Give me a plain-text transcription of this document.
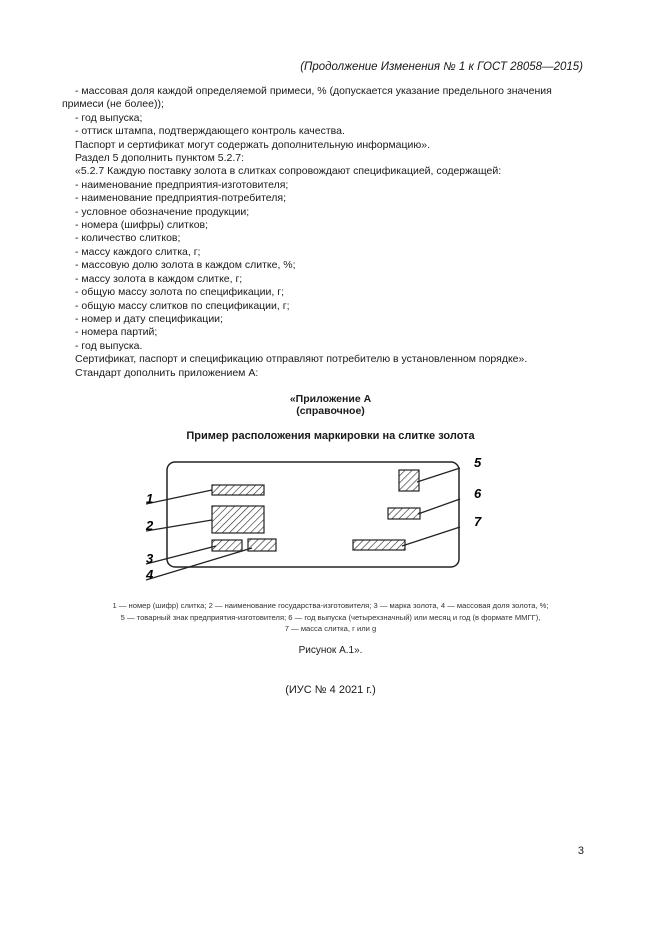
(Продолжение Изменения № 1 к ГОСТ 28058—2015)

- массовая доля каждой определяемой примеси, % (допускается указание предельного значения

примеси (не более));

- год выпуска;

- оттиск штампа, подтверждающего контроль качества.

Паспорт и сертификат могут содержать дополнительную информацию».

Раздел 5 дополнить пунктом 5.2.7:

«5.2.7 Каждую поставку золота в слитках сопровождают спецификацией, содержащей:

- наименование предприятия-изготовителя;

- наименование предприятия-потребителя;

- условное обозначение продукции;

- номера (шифры) слитков;

- количество слитков;

- массу каждого слитка, г;

- массовую долю золота в каждом слитке, %;

- массу золота в каждом слитке, г;

- общую массу золота по спецификации, г;

- общую массу слитков по спецификации, г;

- номер и дату спецификации;

- номера партий;

- год выпуска.

Сертификат, паспорт и спецификацию отправляют потребителю в установленном порядке».

Стандарт дополнить приложением А:

«Приложение А
(справочное)
Пример расположения маркировки на слитке золота
1
2
3
4
5
6
7
1 — номер (шифр) слитка; 2 — наименование государства-изготовителя; 3 — марка золота, 4 — массовая доля золота, %;
5 — товарный знак предприятия-изготовителя; 6 — год выпуска (четырехзначный) или месяц и год (в формате ММГГ),
7 — масса слитка, г или g
Рисунок А.1».
(ИУС № 4 2021 г.)
3
